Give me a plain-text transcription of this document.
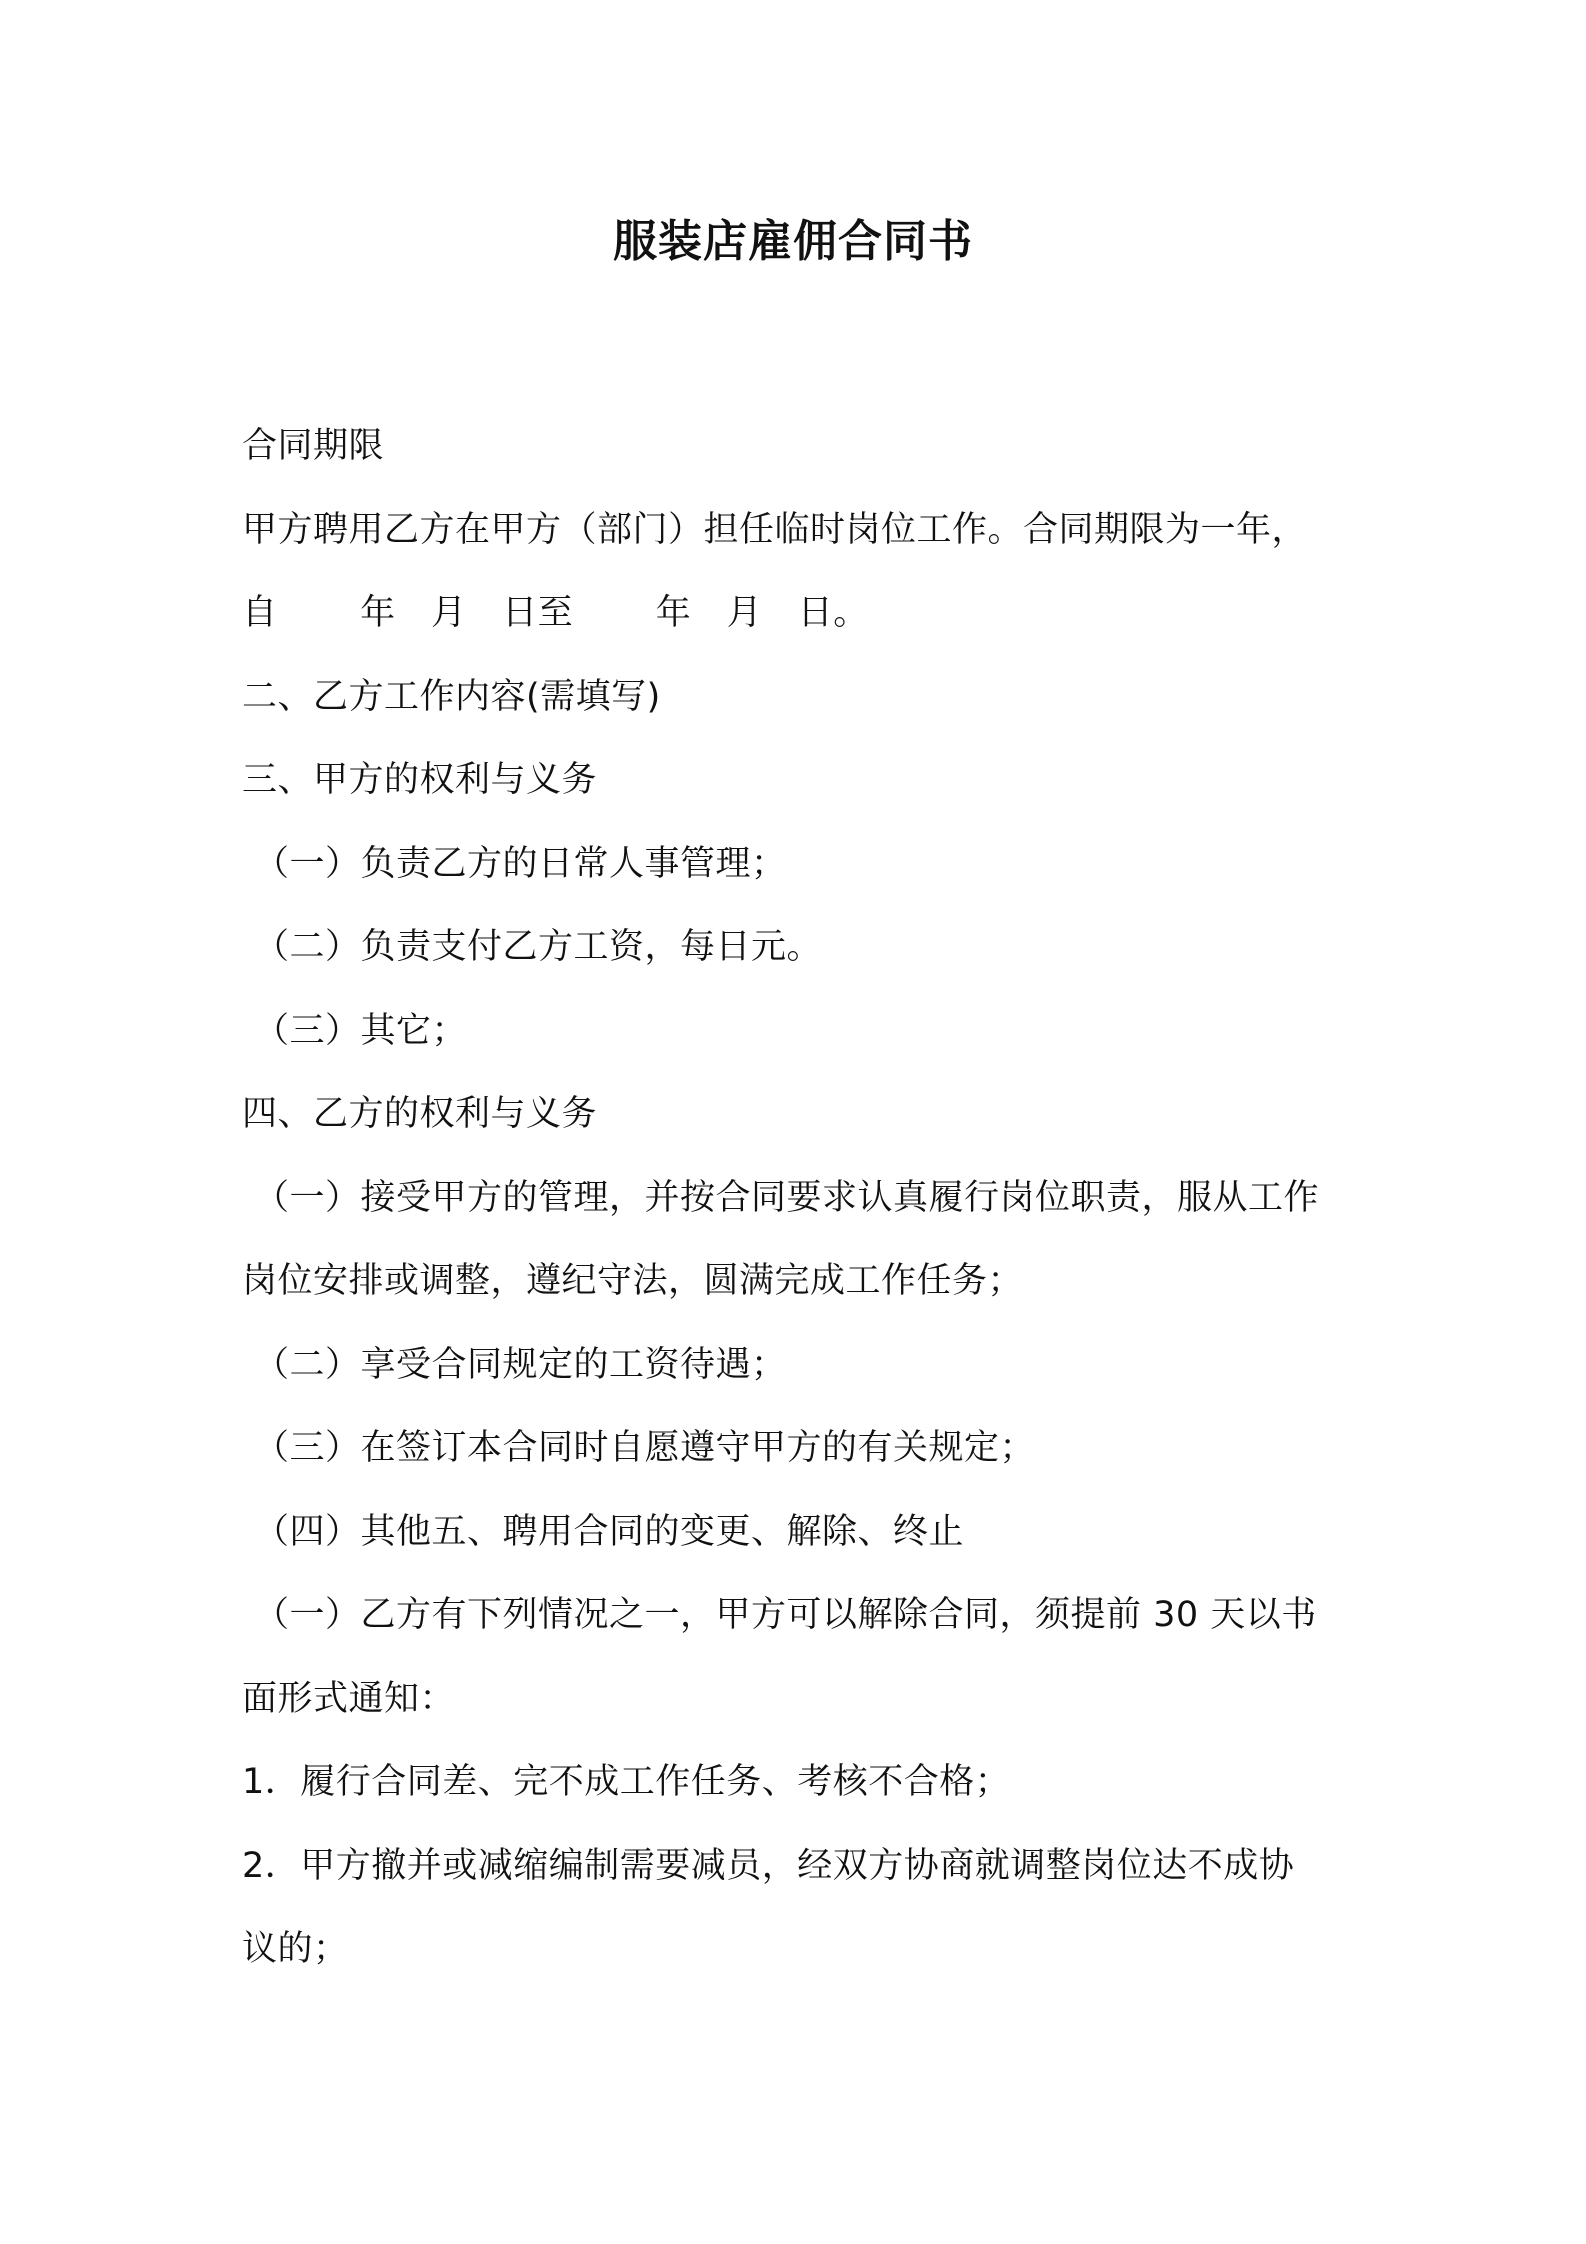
服装店雇佣合同书
合同期限
甲方聘用乙方在甲方（部门）担任临时岗位工作。合同期限为一年，
自　　 年　月　日至　　 年　月　日。
二、乙方工作内容(需填写)
三、甲方的权利与义务
（一）负责乙方的日常人事管理；
（二）负责支付乙方工资，每日元。
（三）其它；
四、乙方的权利与义务
（一）接受甲方的管理，并按合同要求认真履行岗位职责，服从工作
岗位安排或调整，遵纪守法，圆满完成工作任务；
（二）享受合同规定的工资待遇；
（三）在签订本合同时自愿遵守甲方的有关规定；
（四）其他五、聘用合同的变更、解除、终止
（一）乙方有下列情况之一，甲方可以解除合同，须提前 30 天以书
面形式通知：
1．履行合同差、完不成工作任务、考核不合格；
2．甲方撤并或减缩编制需要减员，经双方协商就调整岗位达不成协
议的；
